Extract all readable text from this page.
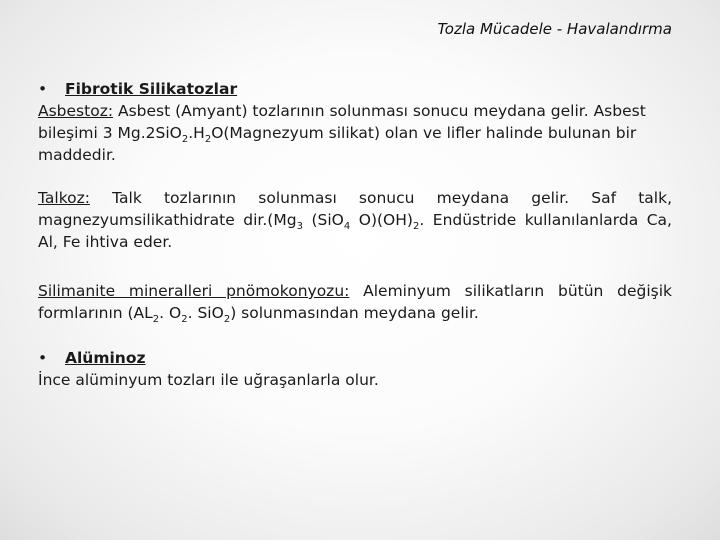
Tozla Mücadele - Havalandırma
•	Fibrotik Silikatozlar

Asbestoz: Asbest (Amyant) tozlarının solunması sonucu meydana gelir. Asbest bileşimi 3 $Mg.2SiO_2.H_2O(Magnezyum$ silikat) olan ve lifler halinde bulunan bir maddedir.

Talkoz: Talk tozlarının solunması sonucu meydana gelir. Saf talk, magnezyumsilikathidrate $dir.(Mg_3$ (SiO$_4$ $O)(OH)_2$. Endüstride kullanılanlarda Ca, Al, Fe ihtiva eder.

Silimanite mineralleri pnömokonyozu: Aleminyum silikatların bütün değişik formlarının ($AL_2$. $O_2$. SiO$_2$) solunmasından meydana gelir.

•	Alüminoz

İnce alüminyum tozları ile uğraşanlarla olur.
